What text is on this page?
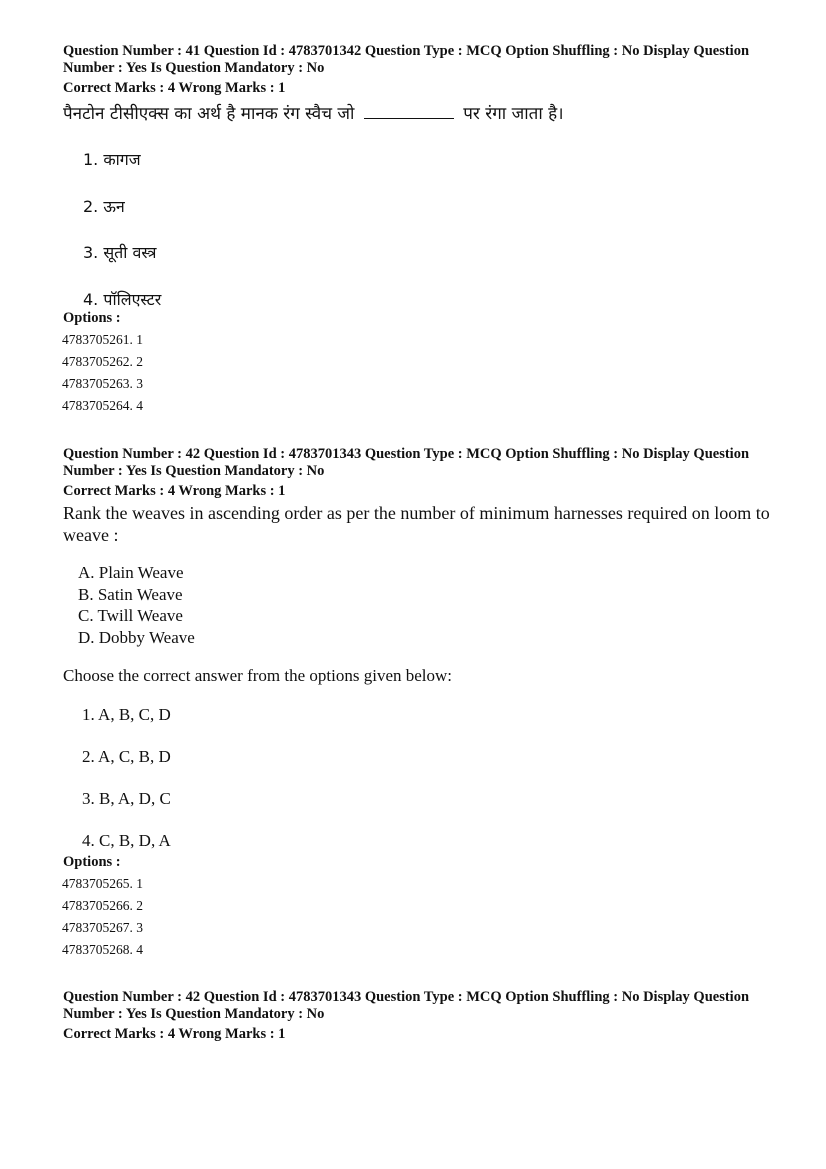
Question Number : 41 Question Id : 4783701342 Question Type : MCQ Option Shuffling : No Display Question
Number : Yes Is Question Mandatory : No
Correct Marks : 4 Wrong Marks : 1

पैनटोन टीसीएक्स का अर्थ है मानक रंग स्वैच जो	पर रंगा जाता है।

1. कागज
2. ऊन
3. सूती वस्त्र
4. पॉलिएस्टर

Options :

4783705261. 1
4783705262. 2
4783705263. 3
4783705264. 4

Question Number : 42 Question Id : 4783701343 Question Type : MCQ Option Shuffling : No Display Question
Number : Yes Is Question Mandatory : No
Correct Marks : 4 Wrong Marks : 1

Rank the weaves in ascending order as per the number of minimum harnesses required on loom to weave :

A. Plain Weave
B. Satin Weave
C. Twill Weave
D. Dobby Weave

Choose the correct answer from the options given below:

1. A, B, C, D
2. A, C, B, D
3. B, A, D, C
4. C, B, D, A

Options :

4783705265. 1
4783705266. 2
4783705267. 3
4783705268. 4

Question Number : 42 Question Id : 4783701343 Question Type : MCQ Option Shuffling : No Display Question
Number : Yes Is Question Mandatory : No
Correct Marks : 4 Wrong Marks : 1
